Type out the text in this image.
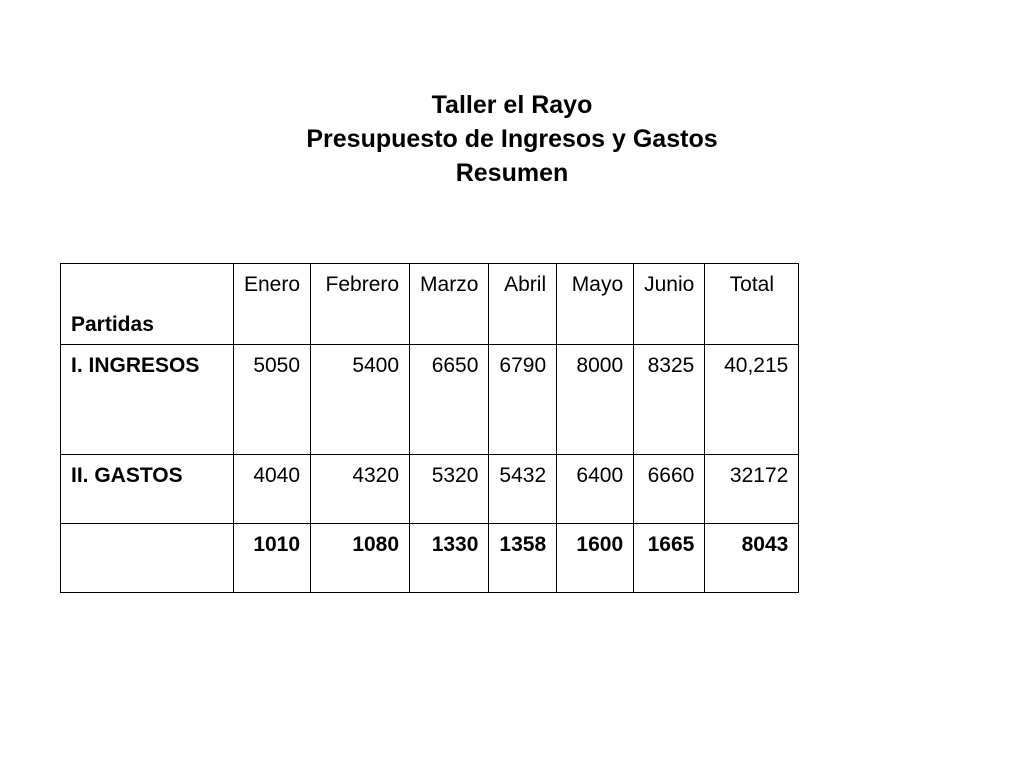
Taller el Rayo
Presupuesto de Ingresos y Gastos
Resumen
Partidas	Enero	Febrero	Marzo	Abril	Mayo	Junio	Total
I. INGRESOS	5050	5400	6650	6790	8000	8325	40,215
II. GASTOS	4040	4320	5320	5432	6400	6660	32172
	1010	1080	1330	1358	1600	1665	8043
